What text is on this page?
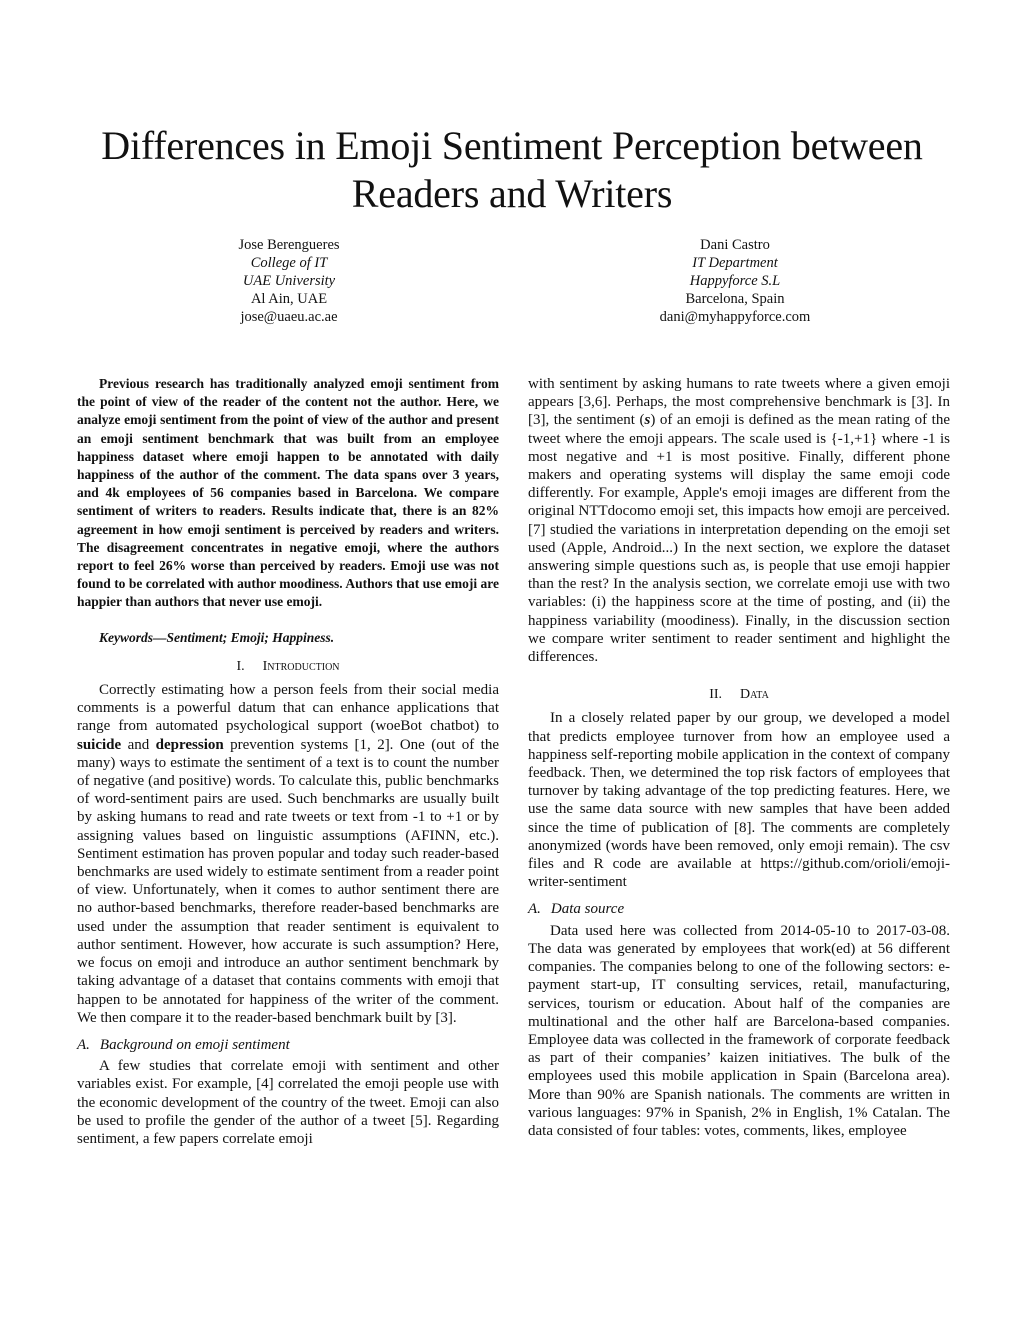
Differences in Emoji Sentiment Perception between
Readers and Writers
Jose Berengueres
College of IT
UAE University
Al Ain, UAE
jose@uaeu.ac.ae
Dani Castro
IT Department
Happyforce S.L
Barcelona, Spain
dani@myhappyforce.com

Previous research has traditionally analyzed emoji sentiment from the point of view of the reader of the content not the author. Here, we analyze emoji sentiment from the point of view of the author and present an emoji sentiment benchmark that was built from an employee happiness dataset where emoji happen to be annotated with daily happiness of the author of the comment. The data spans over 3 years, and 4k employees of 56 companies based in Barcelona. We compare sentiment of writers to readers. Results indicate that, there is an 82% agreement in how emoji sentiment is perceived by readers and writers. The disagreement concentrates in negative emoji, where the authors report to feel 26% worse than perceived by readers. Emoji use was not found to be correlated with author moodiness. Authors that use emoji are happier than authors that never use emoji.

Keywords—Sentiment; Emoji; Happiness.

I. Introduction

Correctly estimating how a person feels from their social media comments is a powerful datum that can enhance applications that range from automated psychological support (woeBot chatbot) to suicide and depression prevention systems [1, 2]. One (out of the many) ways to estimate the sentiment of a text is to count the number of negative (and positive) words. To calculate this, public benchmarks of word-sentiment pairs are used. Such benchmarks are usually built by asking humans to read and rate tweets or text from -1 to +1 or by assigning values based on linguistic assumptions (AFINN, etc.). Sentiment estimation has proven popular and today such reader-based benchmarks are used widely to estimate sentiment from a reader point of view. Unfortunately, when it comes to author sentiment there are no author-based benchmarks, therefore reader-based benchmarks are used under the assumption that reader sentiment is equivalent to author sentiment. However, how accurate is such assumption? Here, we focus on emoji and introduce an author sentiment benchmark by taking advantage of a dataset that contains comments with emoji that happen to be annotated for happiness of the writer of the comment. We then compare it to the reader-based benchmark built by [3].

A. Background on emoji sentiment

A few studies that correlate emoji with sentiment and other variables exist. For example, [4] correlated the emoji people use with the economic development of the country of the tweet. Emoji can also be used to profile the gender of the author of a tweet [5]. Regarding sentiment, a few papers correlate emoji

with sentiment by asking humans to rate tweets where a given emoji appears [3,6]. Perhaps, the most comprehensive benchmark is [3]. In [3], the sentiment (s) of an emoji is defined as the mean rating of the tweet where the emoji appears. The scale used is {-1,+1} where -1 is most negative and +1 is most positive. Finally, different phone makers and operating systems will display the same emoji code differently. For example, Apple's emoji images are different from the original NTTdocomo emoji set, this impacts how emoji are perceived. [7] studied the variations in interpretation depending on the emoji set used (Apple, Android...) In the next section, we explore the dataset answering simple questions such as, is people that use emoji happier than the rest? In the analysis section, we correlate emoji use with two variables: (i) the happiness score at the time of posting, and (ii) the happiness variability (moodiness). Finally, in the discussion section we compare writer sentiment to reader sentiment and highlight the differences.

II. Data

In a closely related paper by our group, we developed a model that predicts employee turnover from how an employee used a happiness self-reporting mobile application in the context of company feedback. Then, we determined the top risk factors of employees that turnover by taking advantage of the top predicting features. Here, we use the same data source with new samples that have been added since the time of publication of [8]. The comments are completely anonymized (words have been removed, only emoji remain). The csv files and R code are available at https://github.com/orioli/emoji-writer-sentiment

A. Data source

Data used here was collected from 2014-05-10 to 2017-03-08. The data was generated by employees that work(ed) at 56 different companies. The companies belong to one of the following sectors: e-payment start-up, IT consulting services, retail, manufacturing, services, tourism or education. About half of the companies are multinational and the other half are Barcelona-based companies. Employee data was collected in the framework of corporate feedback as part of their companies’ kaizen initiatives. The bulk of the employees used this mobile application in Spain (Barcelona area). More than 90% are Spanish nationals. The comments are written in various languages: 97% in Spanish, 2% in English, 1% Catalan. The data consisted of four tables: votes, comments, likes, employee
